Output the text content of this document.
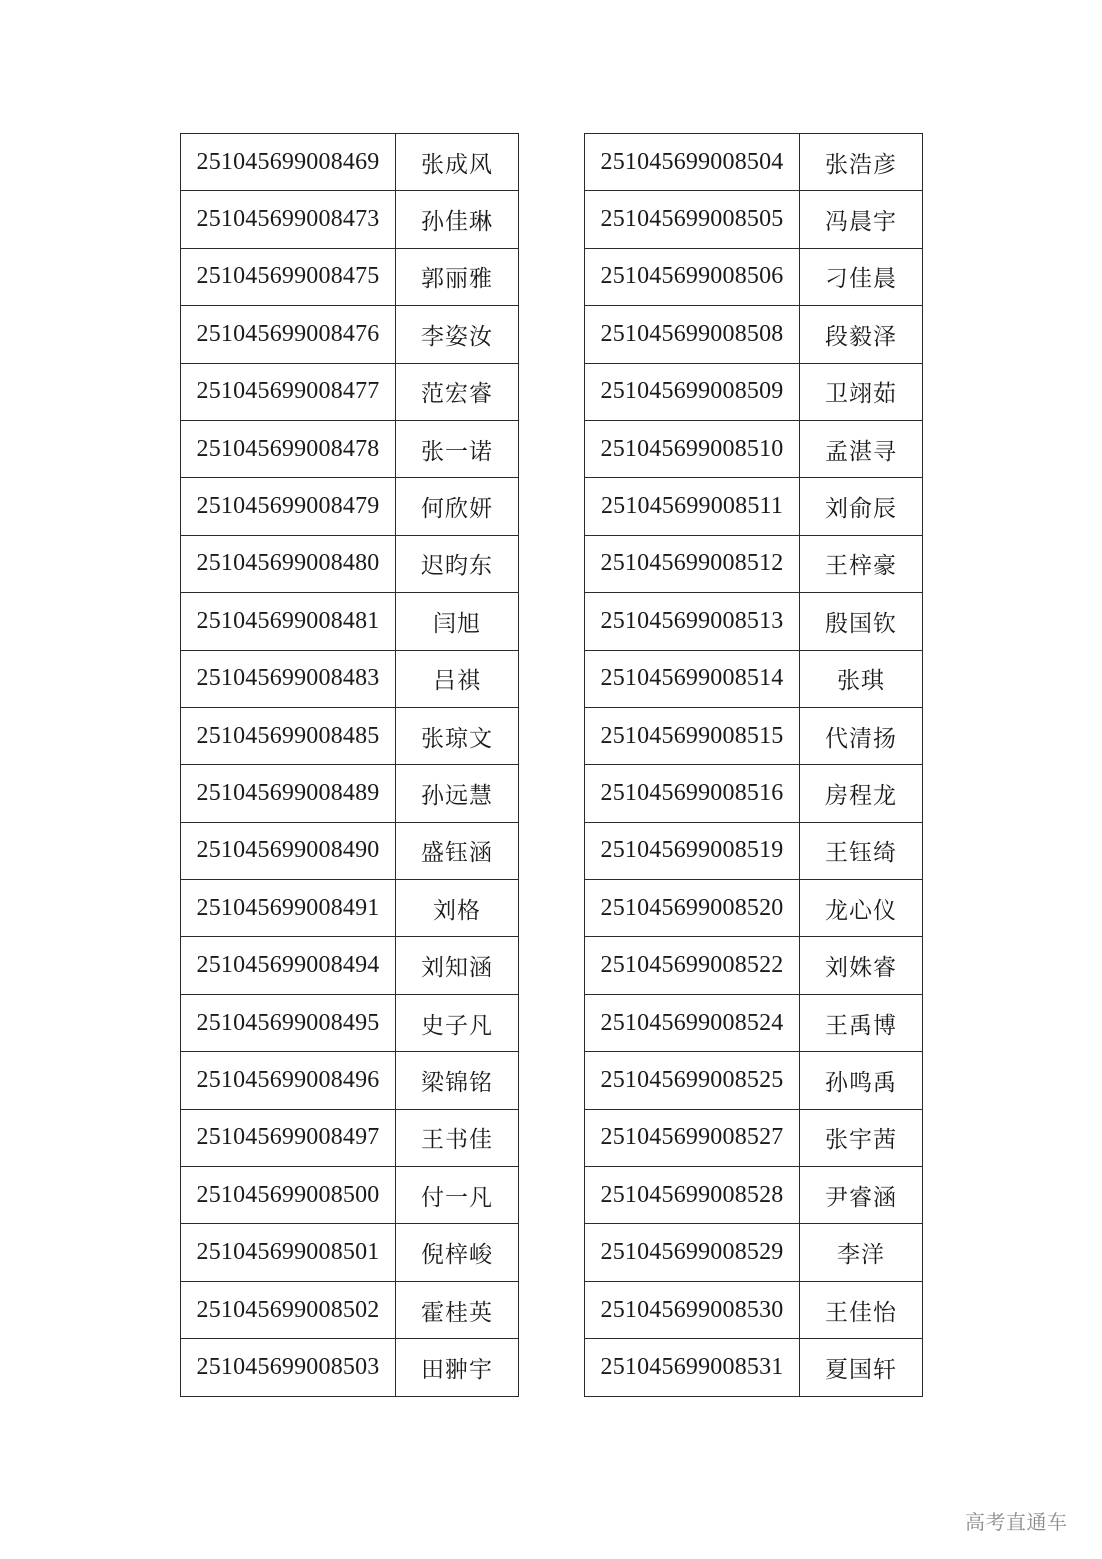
251045699008469	张成风
251045699008473	孙佳琳
251045699008475	郭丽雅
251045699008476	李姿汝
251045699008477	范宏睿
251045699008478	张一诺
251045699008479	何欣妍
251045699008480	迟昀东
251045699008481	闫旭
251045699008483	吕祺
251045699008485	张琼文
251045699008489	孙远慧
251045699008490	盛钰涵
251045699008491	刘格
251045699008494	刘知涵
251045699008495	史子凡
251045699008496	梁锦铭
251045699008497	王书佳
251045699008500	付一凡
251045699008501	倪梓峻
251045699008502	霍桂英
251045699008503	田翀宇
251045699008504	张浩彦
251045699008505	冯晨宇
251045699008506	刁佳晨
251045699008508	段毅泽
251045699008509	卫翊茹
251045699008510	孟湛寻
251045699008511	刘俞辰
251045699008512	王梓豪
251045699008513	殷国钦
251045699008514	张琪
251045699008515	代清扬
251045699008516	房程龙
251045699008519	王钰绮
251045699008520	龙心仪
251045699008522	刘姝睿
251045699008524	王禹博
251045699008525	孙鸣禹
251045699008527	张宇茜
251045699008528	尹睿涵
251045699008529	李洋
251045699008530	王佳怡
251045699008531	夏国轩
高考直通车
